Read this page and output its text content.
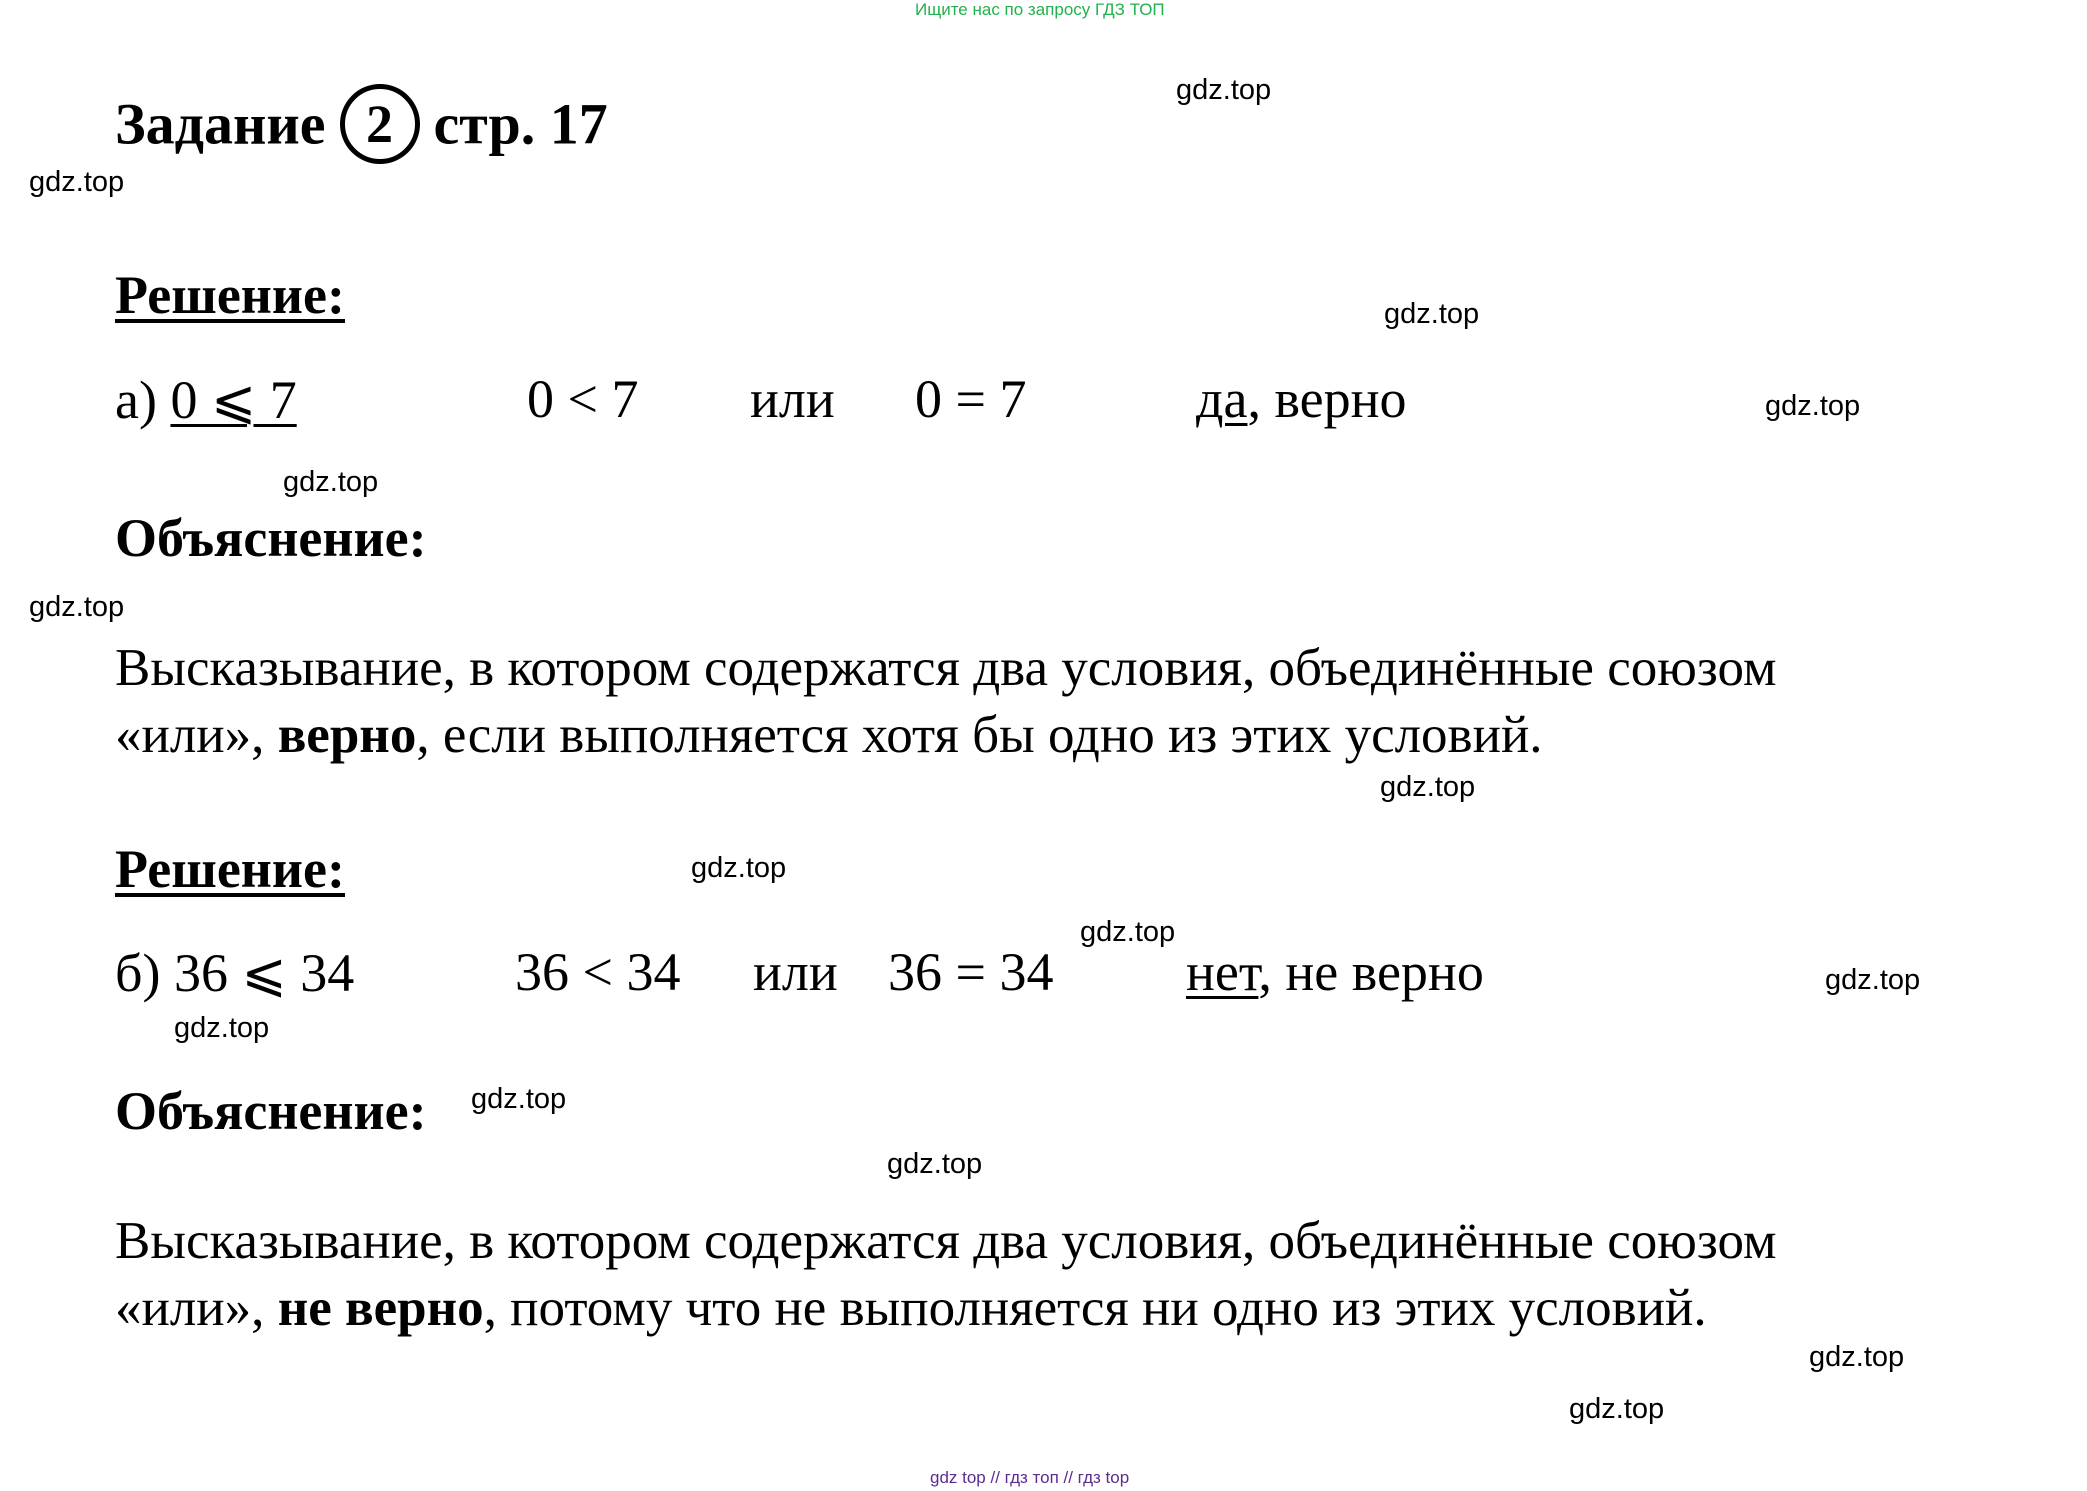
Ищите нас по запросу ГДЗ ТОП
Задание 2 стр. 17
Решение:
а) 0 ⩽ 7	0 < 7 или 0 = 7	да, верно
Объяснение:
Высказывание, в котором содержатся два условия, объединённые союзом
«или», верно, если выполняется хотя бы одно из этих условий.
Решение:
б) 36 ⩽ 34	36 < 34 или 36 = 34 нет, не верно
Объяснение:
Высказывание, в котором содержатся два условия, объединённые союзом
«или», не верно, потому что не выполняется ни одно из этих условий.
gdz.top
gdz.top
gdz.top
gdz.top
gdz.top
gdz.top
gdz.top
gdz.top
gdz.top
gdz.top
gdz.top
gdz.top
gdz.top
gdz.top
gdz.top
gdz top // гдз топ // гдз top
